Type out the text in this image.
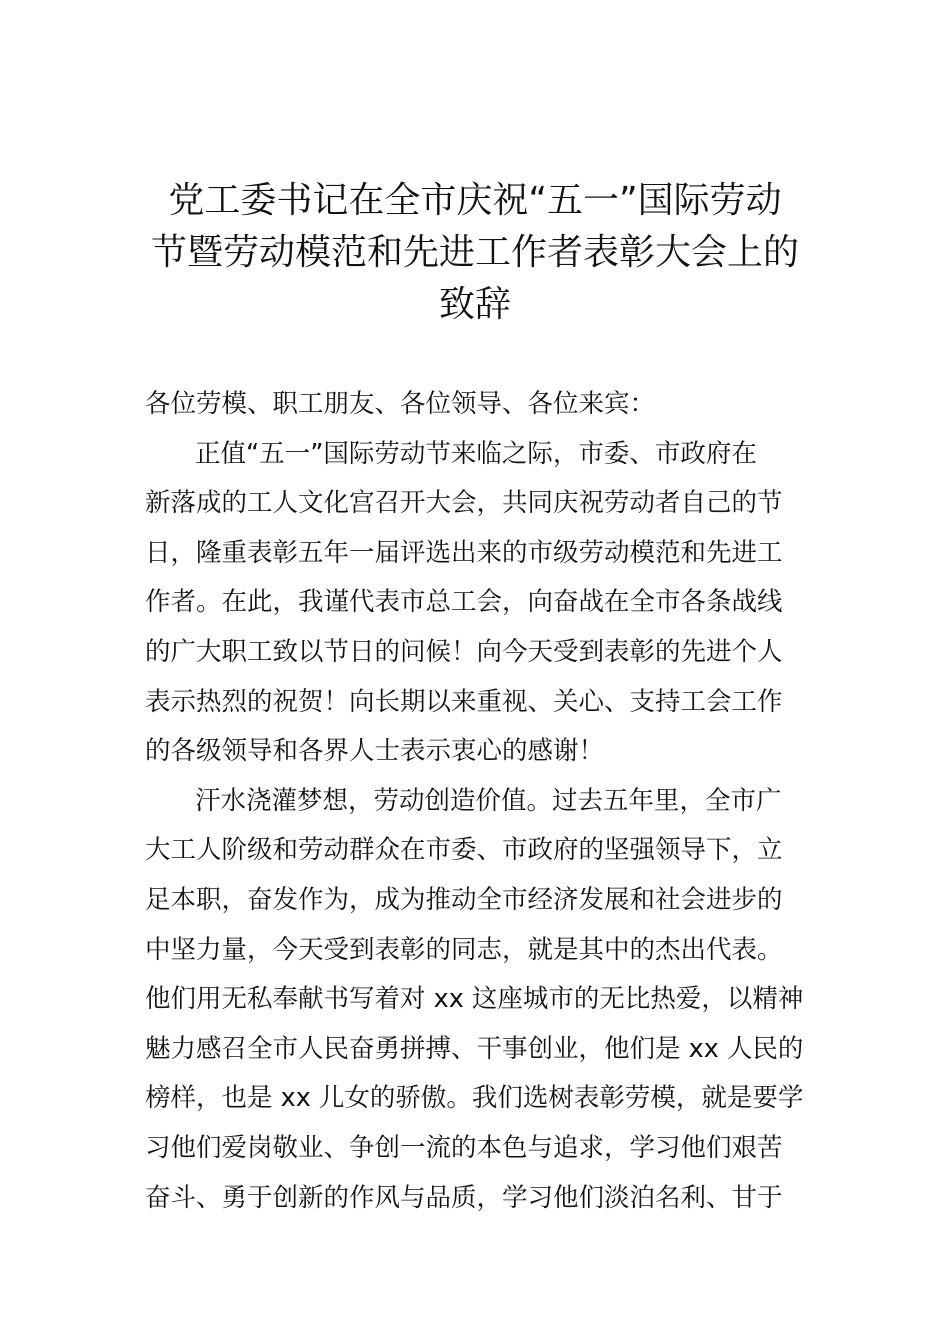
党工委书记在全市庆祝“五一”国际劳动
节暨劳动模范和先进工作者表彰大会上的
致辞
各位劳模、职工朋友、各位领导、各位来宾：
正值“五一”国际劳动节来临之际，市委、市政府在
新落成的工人文化宫召开大会，共同庆祝劳动者自己的节
日，隆重表彰五年一届评选出来的市级劳动模范和先进工
作者。在此，我谨代表市总工会，向奋战在全市各条战线
的广大职工致以节日的问候！向今天受到表彰的先进个人
表示热烈的祝贺！向长期以来重视、关心、支持工会工作
的各级领导和各界人士表示衷心的感谢！
汗水浇灌梦想，劳动创造价值。过去五年里，全市广
大工人阶级和劳动群众在市委、市政府的坚强领导下，立
足本职，奋发作为，成为推动全市经济发展和社会进步的
中坚力量，今天受到表彰的同志，就是其中的杰出代表。
他们用无私奉献书写着对 xx 这座城市的无比热爱，以精神
魅力感召全市人民奋勇拼搏、干事创业，他们是 xx 人民的
榜样，也是 xx 儿女的骄傲。我们选树表彰劳模，就是要学
习他们爱岗敬业、争创一流的本色与追求，学习他们艰苦
奋斗、勇于创新的作风与品质，学习他们淡泊名利、甘于
